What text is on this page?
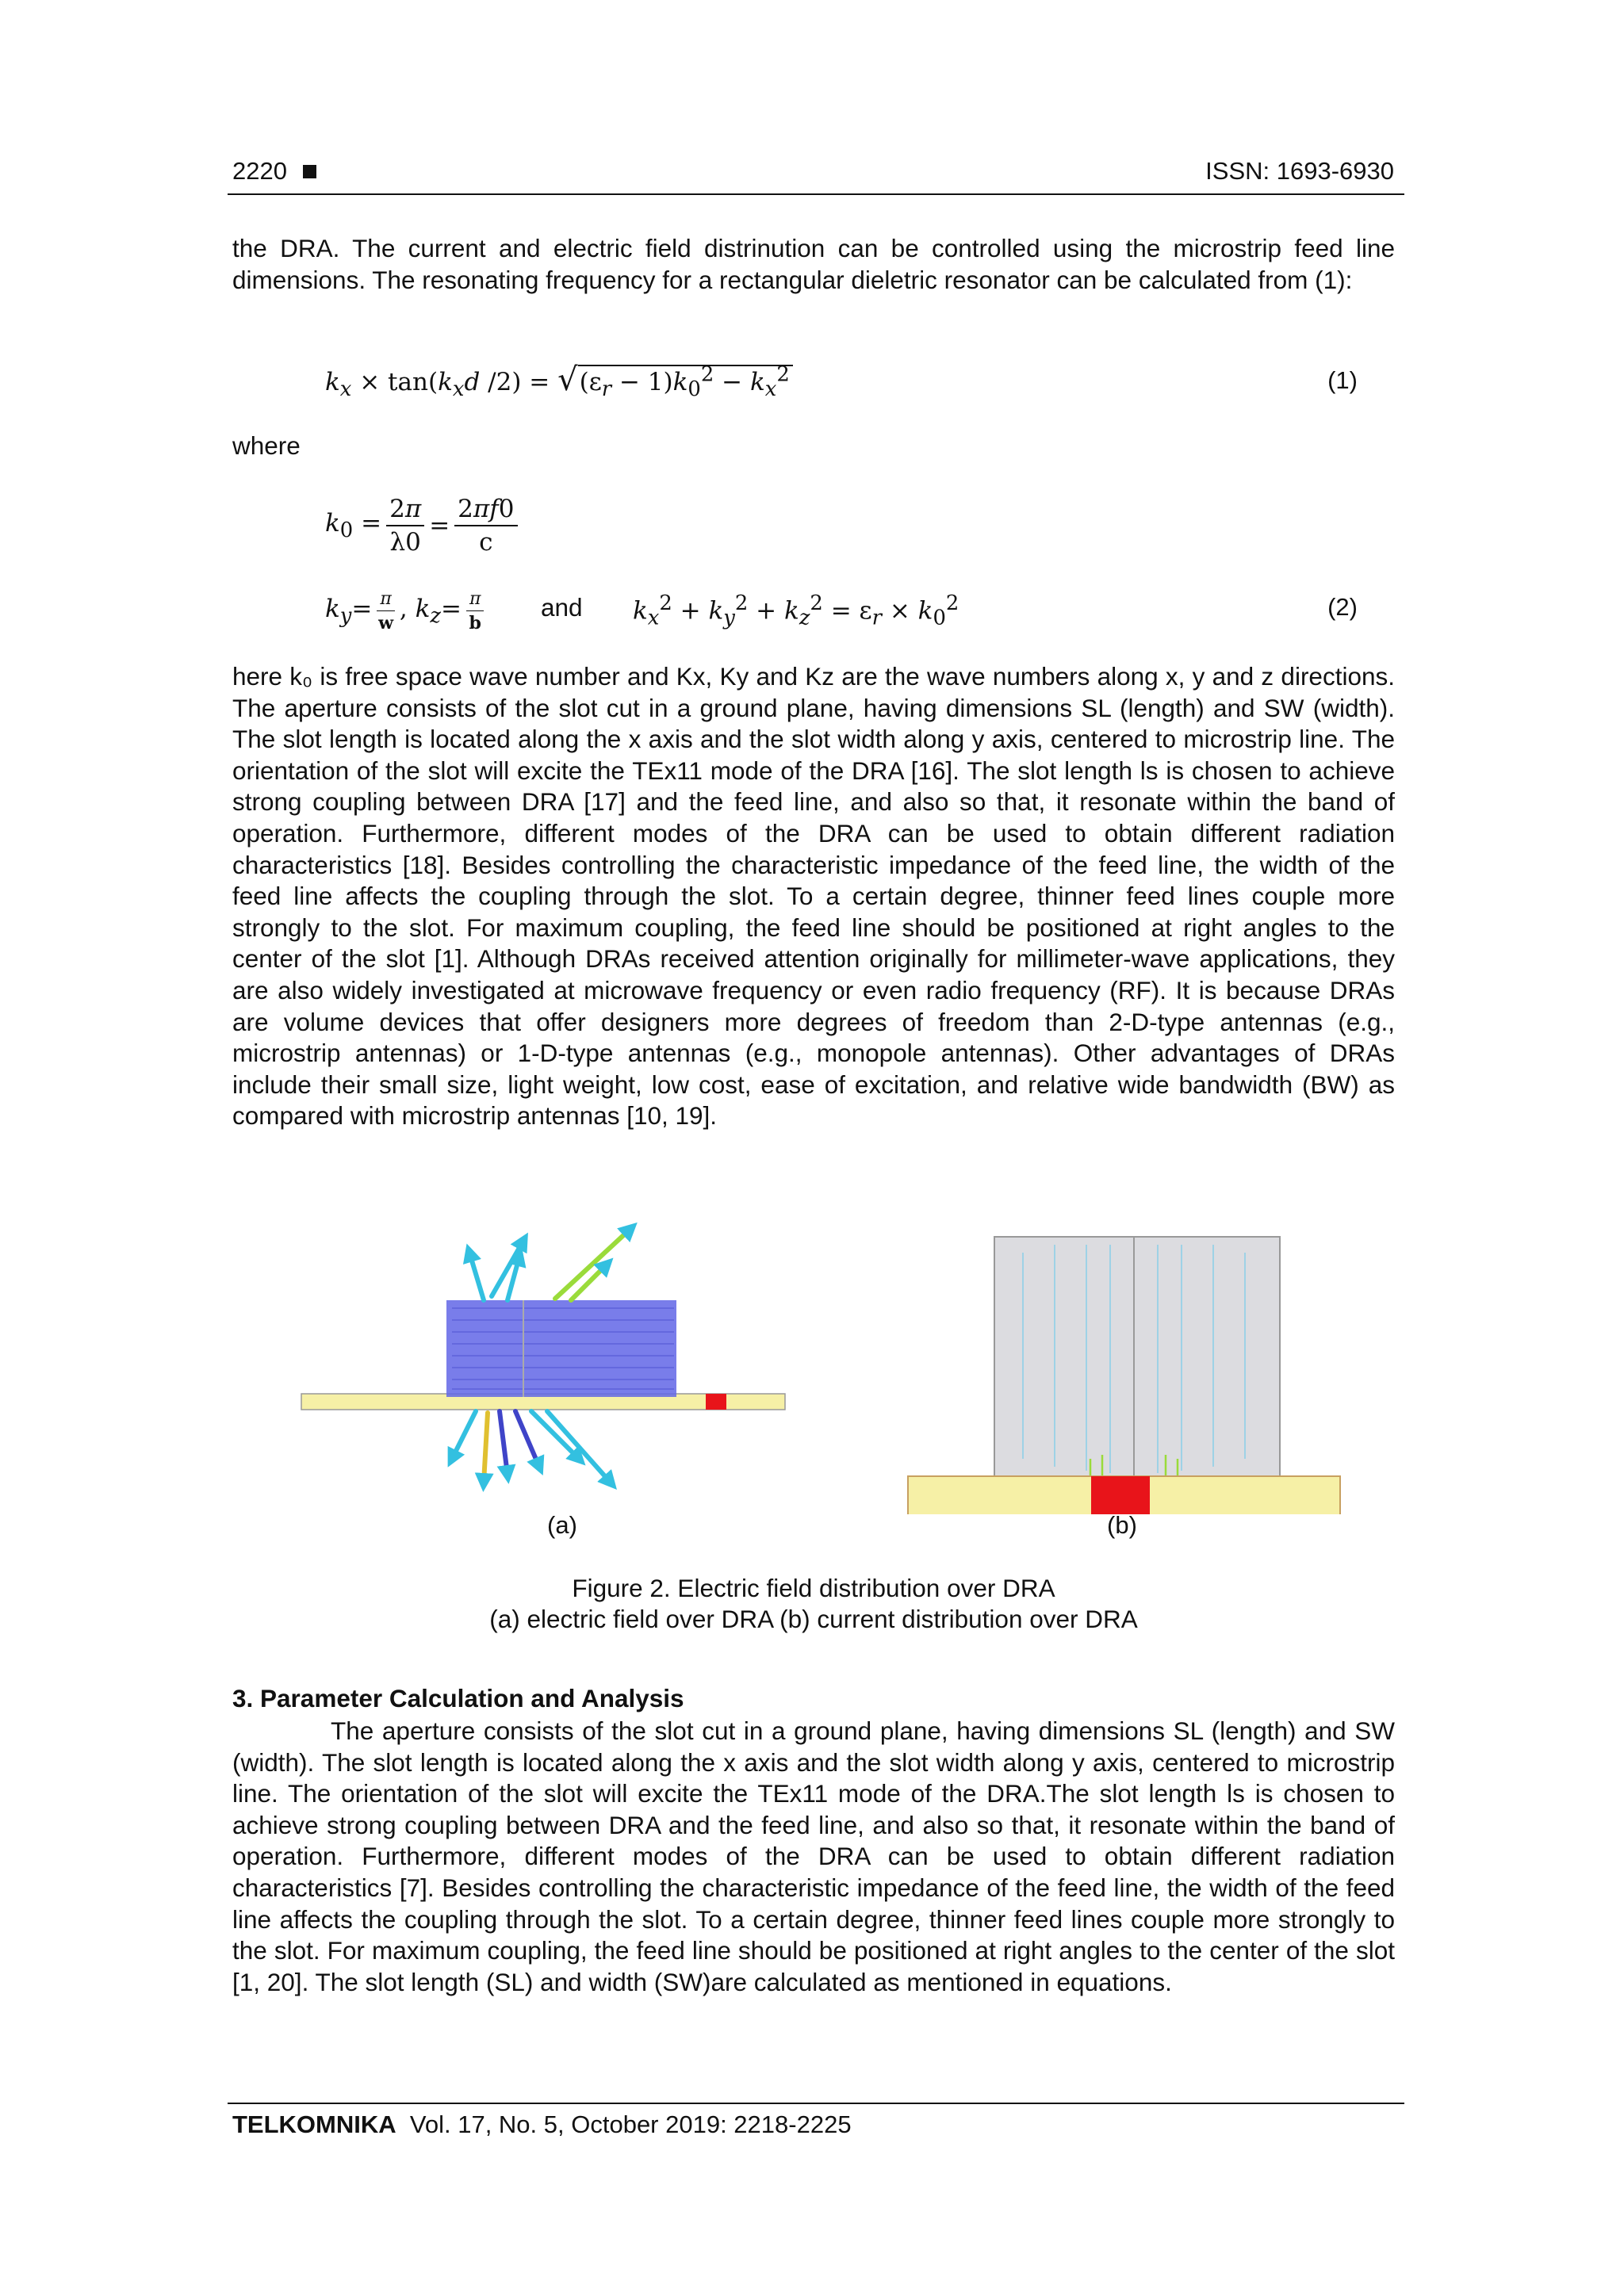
2220	ISSN: 1693-6930

the DRA. The current and electric field distrinution can be controlled using the microstrip feed line dimensions. The resonating frequency for a rectangular dieletric resonator can be calculated from (1):

$k_x \times \tan(k_xd$ $/2) = √(\varepsilon_r - 1)k_0^2 - k_x^2$	(1)
where
$k_0 = \frac{2\pi}{\lambda 0} = \frac{2\pi f0}{c}$
$k_y= \frac{\pi}{w}$ , $k_z= \frac{\pi}{b}$ and $k_x^2 + k_y^2 + k_z^2 = \varepsilon_r \times k_0^2$	(2)

here k₀ is free space wave number and Kx, Ky and Kz are the wave numbers along x, y and z directions. The aperture consists of the slot cut in a ground plane, having dimensions SL (length) and SW (width). The slot length is located along the x axis and the slot width along y axis, centered to microstrip line. The orientation of the slot will excite the TEx11 mode of the DRA [16]. The slot length ls is chosen to achieve strong coupling between DRA [17] and the feed line, and also so that, it resonate within the band of operation. Furthermore, different modes of the DRA can be used to obtain different radiation characteristics [18]. Besides controlling the characteristic impedance of the feed line, the width of the feed line affects the coupling through the slot. To a certain degree, thinner feed lines couple more strongly to the slot. For maximum coupling, the feed line should be positioned at right angles to the center of the slot [1]. Although DRAs received attention originally for millimeter-wave applications, they are also widely investigated at microwave frequency or even radio frequency (RF). It is because DRAs are volume devices that offer designers more degrees of freedom than 2-D-type antennas (e.g., microstrip antennas) or 1-D-type antennas (e.g., monopole antennas). Other advantages of DRAs include their small size, light weight, low cost, ease of excitation, and relative wide bandwidth (BW) as compared with microstrip antennas [10, 19].

(a)	(b)
Figure 2. Electric field distribution over DRA
(a) electric field over DRA (b) current distribution over DRA
3. Parameter Calculation and Analysis

The aperture consists of the slot cut in a ground plane, having dimensions SL (length) and SW (width). The slot length is located along the x axis and the slot width along y axis, centered to microstrip line. The orientation of the slot will excite the TEx11 mode of the DRA.The slot length ls is chosen to achieve strong coupling between DRA and the feed line, and also so that, it resonate within the band of operation. Furthermore, different modes of the DRA can be used to obtain different radiation characteristics [7]. Besides controlling the characteristic impedance of the feed line, the width of the feed line affects the coupling through the slot. To a certain degree, thinner feed lines couple more strongly to the slot. For maximum coupling, the feed line should be positioned at right angles to the center of the slot [1, 20]. The slot length (SL) and width (SW)are calculated as mentioned in equations.

TELKOMNIKA Vol. 17, No. 5, October 2019: 2218-2225
